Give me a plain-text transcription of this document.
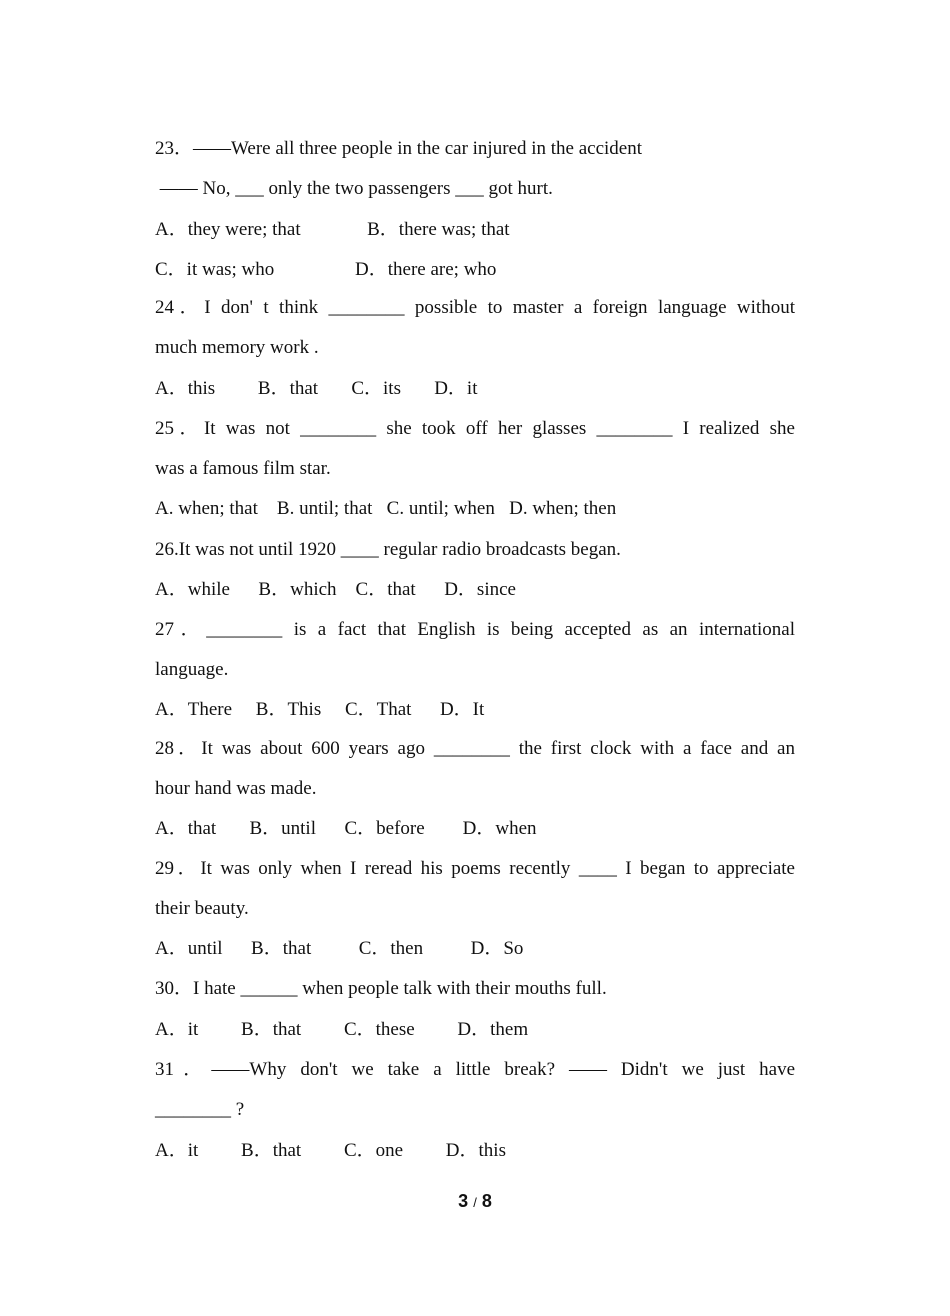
23．——Were all three people in the car injured in the accident
—— No, ___ only the two passengers ___ got hurt.
A．they were; that              B．there was; that
C．it was; who                 D．there are; who
24．I don' t think ________ possible to master a foreign language without
much memory work .
A．this         B．that       C．its       D．it
25．It was not ________ she took off her glasses ________ I realized she
was a famous film star.
A. when; that    B. until; that   C. until; when   D. when; then
26.It was not until 1920 ____ regular radio broadcasts began.
A．while      B．which    C．that      D．since
27．________ is a fact that English is being accepted as an international
language.
A．There     B．This     C．That      D．It
28．It was about 600 years ago ________ the first clock with a face and an
hour hand was made.
A．that       B．until      C．before        D．when
29．It was only when I reread his poems recently ____ I began to appreciate
their beauty.
A．until      B．that          C．then          D．So
30．I hate ______ when people talk with their mouths full.
A．it         B．that         C．these         D．them
31．——Why don't we take a little break? —— Didn't we just have
________ ?
A．it         B．that         C．one         D．this
3 / 8
